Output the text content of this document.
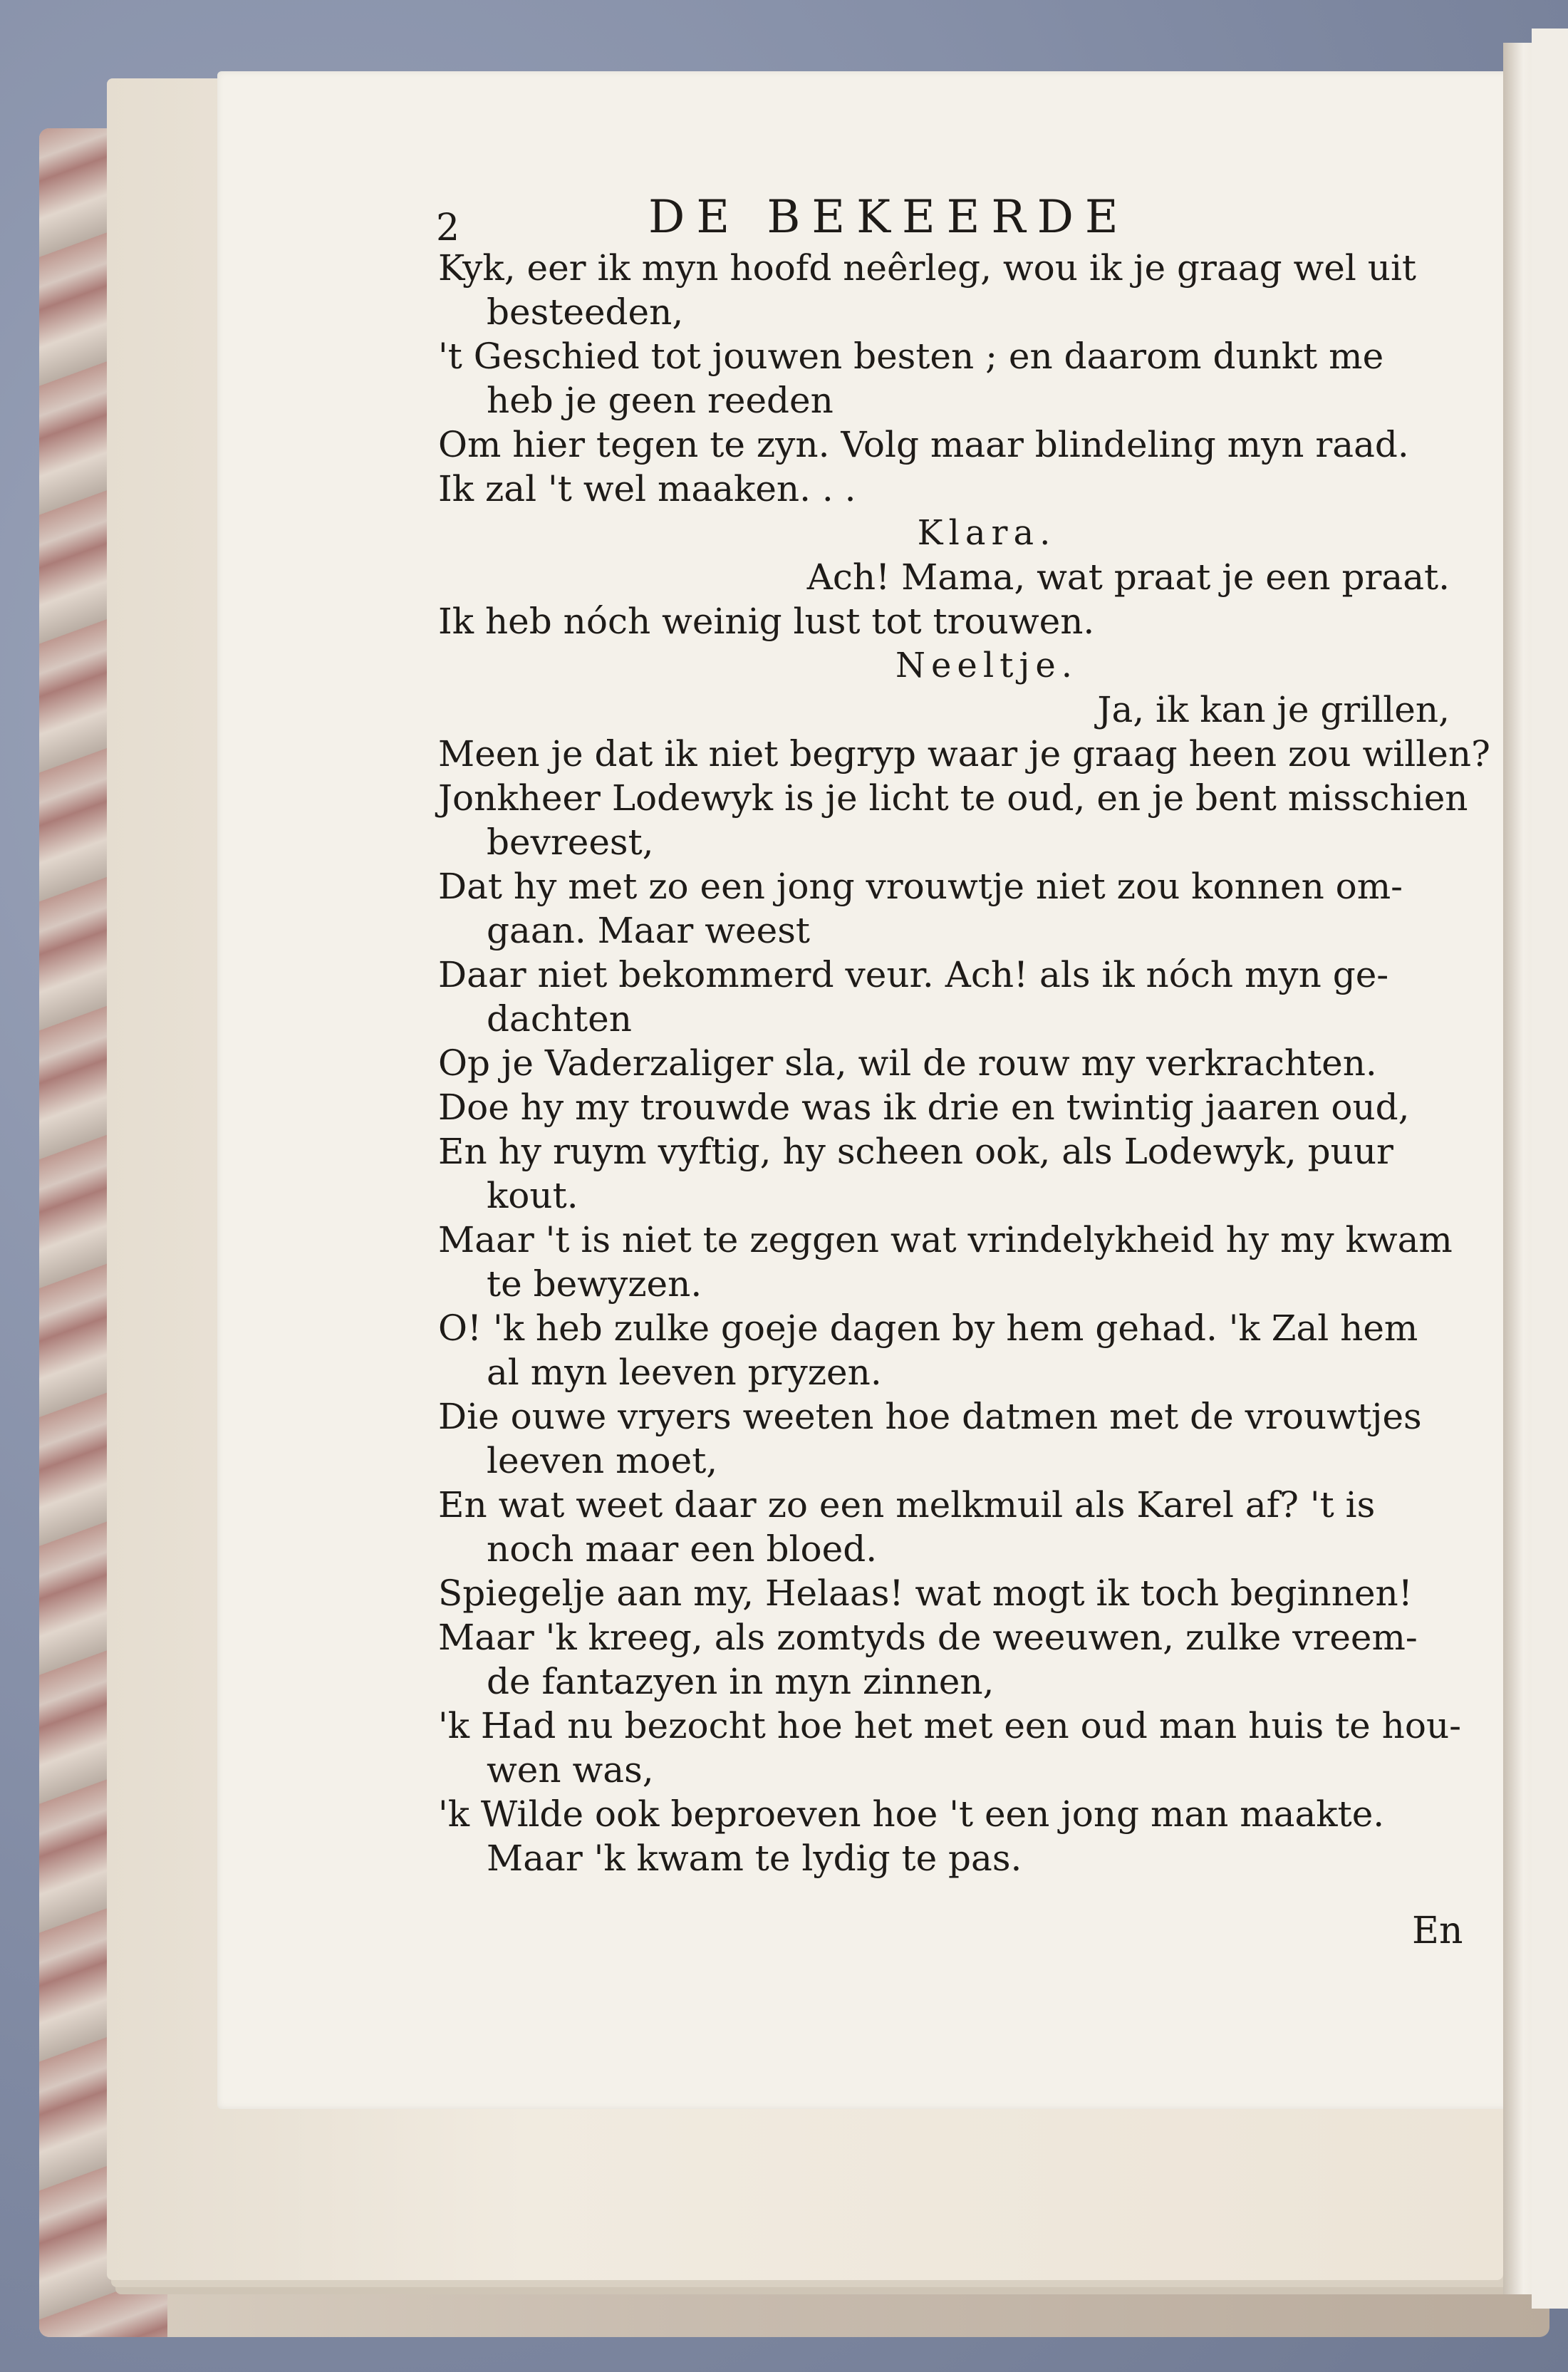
2	DE BEKEERDE
Kyk, eer ik myn hoofd neêrleg, wou ik je graag wel uit
besteeden,
't Geschied tot jouwen besten ; en daarom dunkt me
heb je geen reeden
Om hier tegen te zyn. Volg maar blindeling myn raad.
Ik zal 't wel maaken. . .
Klara.
Ach! Mama, wat praat je een praat.
Ik heb nóch weinig lust tot trouwen.
Neeltje.
Ja, ik kan je grillen,
Meen je dat ik niet begryp waar je graag heen zou willen?
Jonkheer Lodewyk is je licht te oud, en je bent misschien
bevreest,
Dat hy met zo een jong vrouwtje niet zou konnen om-
gaan. Maar weest
Daar niet bekommerd veur. Ach! als ik nóch myn ge-
dachten
Op je Vaderzaliger sla, wil de rouw my verkrachten.
Doe hy my trouwde was ik drie en twintig jaaren oud,
En hy ruym vyftig, hy scheen ook, als Lodewyk, puur
kout.
Maar 't is niet te zeggen wat vrindelykheid hy my kwam
te bewyzen.
O! 'k heb zulke goeje dagen by hem gehad. 'k Zal hem
al myn leeven pryzen.
Die ouwe vryers weeten hoe datmen met de vrouwtjes
leeven moet,
En wat weet daar zo een melkmuil als Karel af? 't is
noch maar een bloed.
Spiegelje aan my, Helaas! wat mogt ik toch beginnen!
Maar 'k kreeg, als zomtyds de weeuwen, zulke vreem-
de fantazyen in myn zinnen,
'k Had nu bezocht hoe het met een oud man huis te hou-
wen was,
'k Wilde ook beproeven hoe 't een jong man maakte.
Maar 'k kwam te lydig te pas.
En
